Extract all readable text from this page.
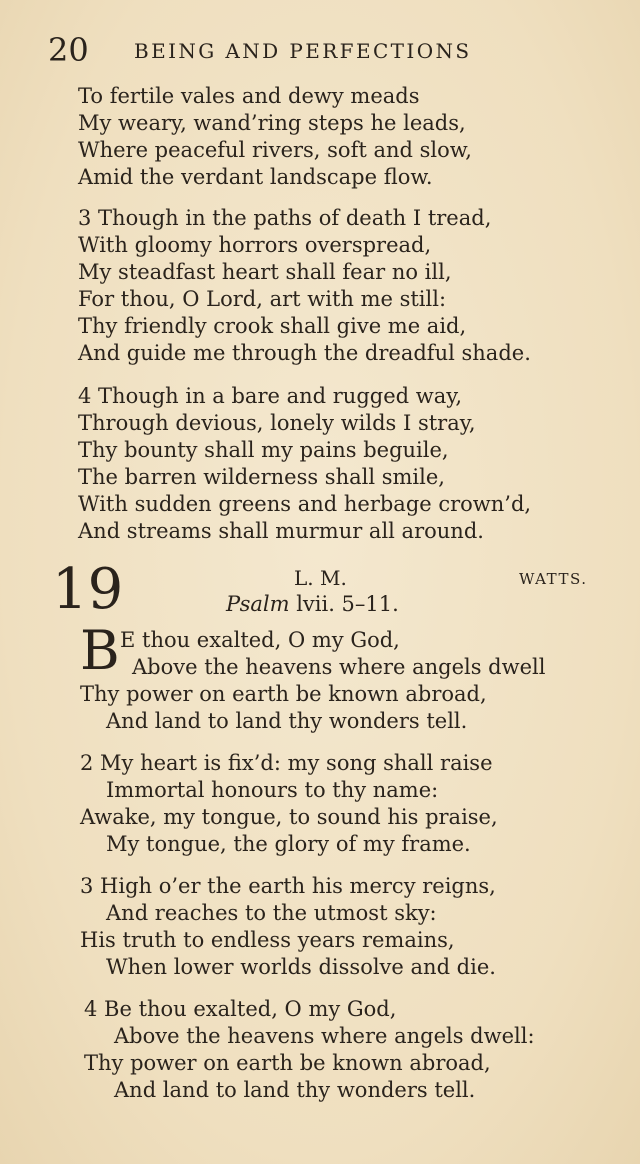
20 BEING AND PERFECTIONS
To fertile vales and dewy meads
My weary, wand’ring steps he leads,
Where peaceful rivers, soft and slow,
Amid the verdant landscape flow.
3 Though in the paths of death I tread,
With gloomy horrors overspread,
My steadfast heart shall fear no ill,
For thou, O Lord, art with me still:
Thy friendly crook shall give me aid,
And guide me through the dreadful shade.
4 Though in a bare and rugged way,
Through devious, lonely wilds I stray,
Thy bounty shall my pains beguile,
The barren wilderness shall smile,
With sudden greens and herbage crown’d,
And streams shall murmur all around.
19	L. M.	WATTS.
Psalm lvii. 5–11.
B E thou exalted, O my God,
Above the heavens where angels dwell
Thy power on earth be known abroad,
And land to land thy wonders tell.
2 My heart is fix’d: my song shall raise
Immortal honours to thy name:
Awake, my tongue, to sound his praise,
My tongue, the glory of my frame.
3 High o’er the earth his mercy reigns,
And reaches to the utmost sky:
His truth to endless years remains,
When lower worlds dissolve and die.
4 Be thou exalted, O my God,
Above the heavens where angels dwell:
Thy power on earth be known abroad,
And land to land thy wonders tell.
